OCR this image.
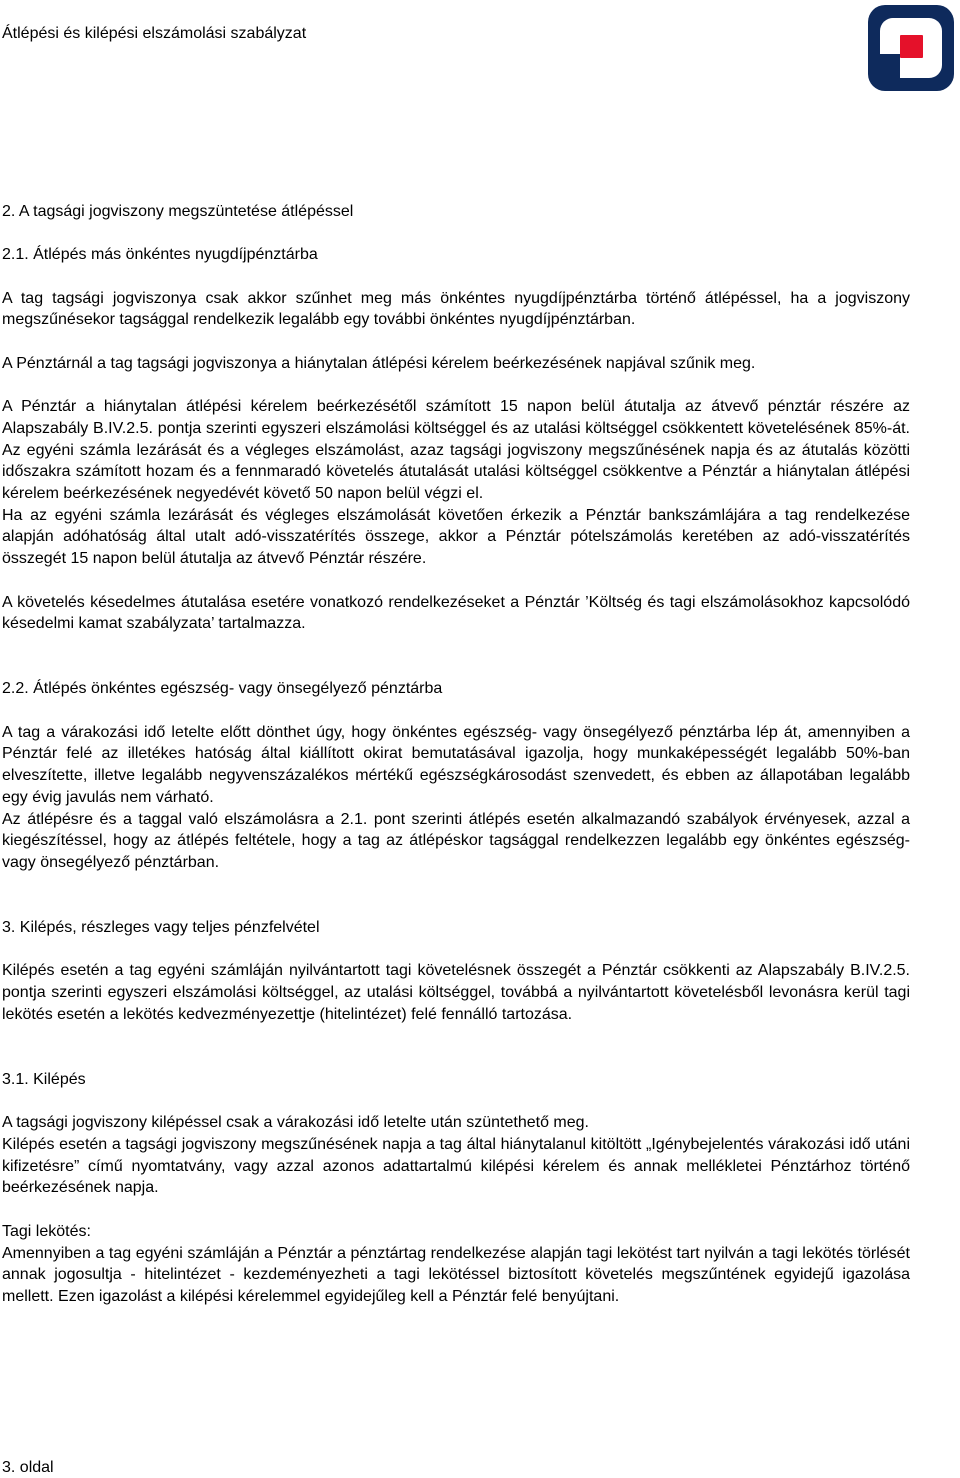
Átlépési és kilépési elszámolási szabályzat

2. A tagsági jogviszony megszüntetése átlépéssel

2.1. Átlépés más önkéntes nyugdíjpénztárba

A tag tagsági jogviszonya csak akkor szűnhet meg más önkéntes nyugdíjpénztárba történő átlépéssel, ha a jogviszony megszűnésekor tagsággal rendelkezik legalább egy további önkéntes nyugdíjpénztárban.

A Pénztárnál a tag tagsági jogviszonya a hiánytalan átlépési kérelem beérkezésének napjával szűnik meg.

A Pénztár a hiánytalan átlépési kérelem beérkezésétől számított 15 napon belül átutalja az átvevő pénztár részére az Alapszabály B.IV.2.5. pontja szerinti egyszeri elszámolási költséggel és az utalási költséggel csökkentett követelésének 85%-át. Az egyéni számla lezárását és a végleges elszámolást, azaz tagsági jogviszony megszűnésének napja és az átutalás közötti időszakra számított hozam és a fennmaradó követelés átutalását utalási költséggel csökkentve a Pénztár a hiánytalan átlépési kérelem beérkezésének negyedévét követő 50 napon belül végzi el.

Ha az egyéni számla lezárását és végleges elszámolását követően érkezik a Pénztár bankszámlájára a tag rendelkezése alapján adóhatóság által utalt adó-visszatérítés összege, akkor a Pénztár pótelszámolás keretében az adó-visszatérítés összegét 15 napon belül átutalja az átvevő Pénztár részére.

A követelés késedelmes átutalása esetére vonatkozó rendelkezéseket a Pénztár ’Költség és tagi elszámolásokhoz kapcsolódó késedelmi kamat szabályzata’ tartalmazza.

2.2. Átlépés önkéntes egészség- vagy önsegélyező pénztárba

A tag a várakozási idő letelte előtt dönthet úgy, hogy önkéntes egészség- vagy önsegélyező pénztárba lép át, amennyiben a Pénztár felé az illetékes hatóság által kiállított okirat bemutatásával igazolja, hogy munkaképességét legalább 50%-ban elveszítette, illetve legalább negyvenszázalékos mértékű egészségkárosodást szenvedett, és ebben az állapotában legalább egy évig javulás nem várható.

Az átlépésre és a taggal való elszámolásra a 2.1. pont szerinti átlépés esetén alkalmazandó szabályok érvényesek, azzal a kiegészítéssel, hogy az átlépés feltétele, hogy a tag az átlépéskor tagsággal rendelkezzen legalább egy önkéntes egészség- vagy önsegélyező pénztárban.

3. Kilépés, részleges vagy teljes pénzfelvétel

Kilépés esetén a tag egyéni számláján nyilvántartott tagi követelésnek összegét a Pénztár csökkenti az Alapszabály B.IV.2.5. pontja szerinti egyszeri elszámolási költséggel, az utalási költséggel, továbbá a nyilvántartott követelésből levonásra kerül tagi lekötés esetén a lekötés kedvezményezettje (hitelintézet) felé fennálló tartozása.

3.1. Kilépés

A tagsági jogviszony kilépéssel csak a várakozási idő letelte után szüntethető meg.

Kilépés esetén a tagsági jogviszony megszűnésének napja a tag által hiánytalanul kitöltött „Igénybejelentés várakozási idő utáni kifizetésre” című nyomtatvány, vagy azzal azonos adattartalmú kilépési kérelem és annak mellékletei Pénztárhoz történő beérkezésének napja.

Tagi lekötés:

Amennyiben a tag egyéni számláján a Pénztár a pénztártag rendelkezése alapján tagi lekötést tart nyilván a tagi lekötés törlését annak jogosultja - hitelintézet - kezdeményezheti a tagi lekötéssel biztosított követelés megszűntének egyidejű igazolása mellett. Ezen igazolást a kilépési kérelemmel egyidejűleg kell a Pénztár felé benyújtani.

3. oldal
